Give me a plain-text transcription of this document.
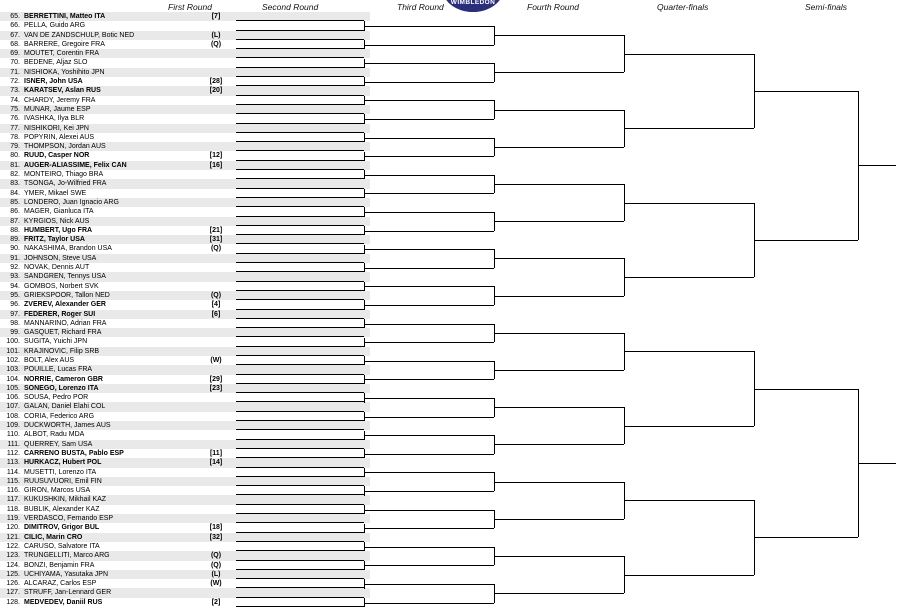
WIMBLEDON
First Round	Second Round	Third Round	Fourth Round	Quarter-finals	Semi-finals
65. BERRETTINI, Matteo ITA	[7]
66. PELLA, Guido ARG
67. VAN DE ZANDSCHULP, Botic NED	(L)
68. BARRERE, Gregoire FRA	(Q)
69. MOUTET, Corentin FRA
70. BEDENE, Aljaz SLO
71. NISHIOKA, Yoshihito JPN
72. ISNER, John USA	[28]
73. KARATSEV, Aslan RUS	[20]
74. CHARDY, Jeremy FRA
75. MUNAR, Jaume ESP
76. IVASHKA, Ilya BLR
77. NISHIKORI, Kei JPN
78. POPYRIN, Alexei AUS
79. THOMPSON, Jordan AUS
80. RUUD, Casper NOR	[12]
81. AUGER-ALIASSIME, Felix CAN	[16]
82. MONTEIRO, Thiago BRA
83. TSONGA, Jo-Wilfried FRA
84. YMER, Mikael SWE
85. LONDERO, Juan Ignacio ARG
86. MAGER, Gianluca ITA
87. KYRGIOS, Nick AUS
88. HUMBERT, Ugo FRA	[21]
89. FRITZ, Taylor USA	[31]
90. NAKASHIMA, Brandon USA	(Q)
91. JOHNSON, Steve USA
92. NOVAK, Dennis AUT
93. SANDGREN, Tennys USA
94. GOMBOS, Norbert SVK
95. GRIEKSPOOR, Tallon NED	(Q)
96. ZVEREV, Alexander GER	[4]
97. FEDERER, Roger SUI	[6]
98. MANNARINO, Adrian FRA
99. GASQUET, Richard FRA
100. SUGITA, Yuichi JPN
101. KRAJINOVIC, Filip SRB
102. BOLT, Alex AUS	(W)
103. POUILLE, Lucas FRA
104. NORRIE, Cameron GBR	[29]
105. SONEGO, Lorenzo ITA	[23]
106. SOUSA, Pedro POR
107. GALAN, Daniel Elahi COL
108. CORIA, Federico ARG
109. DUCKWORTH, James AUS
110. ALBOT, Radu MDA
111. QUERREY, Sam USA
112. CARRENO BUSTA, Pablo ESP	[11]
113. HURKACZ, Hubert POL	[14]
114. MUSETTI, Lorenzo ITA
115. RUUSUVUORI, Emil FIN
116. GIRON, Marcos USA
117. KUKUSHKIN, Mikhail KAZ
118. BUBLIK, Alexander KAZ
119. VERDASCO, Fernando ESP
120. DIMITROV, Grigor BUL	[18]
121. CILIC, Marin CRO	[32]
122. CARUSO, Salvatore ITA
123. TRUNGELLITI, Marco ARG	(Q)
124. BONZI, Benjamin FRA	(Q)
125. UCHIYAMA, Yasutaka JPN	(L)
126. ALCARAZ, Carlos ESP	(W)
127. STRUFF, Jan-Lennard GER
128. MEDVEDEV, Daniil RUS	[2]
